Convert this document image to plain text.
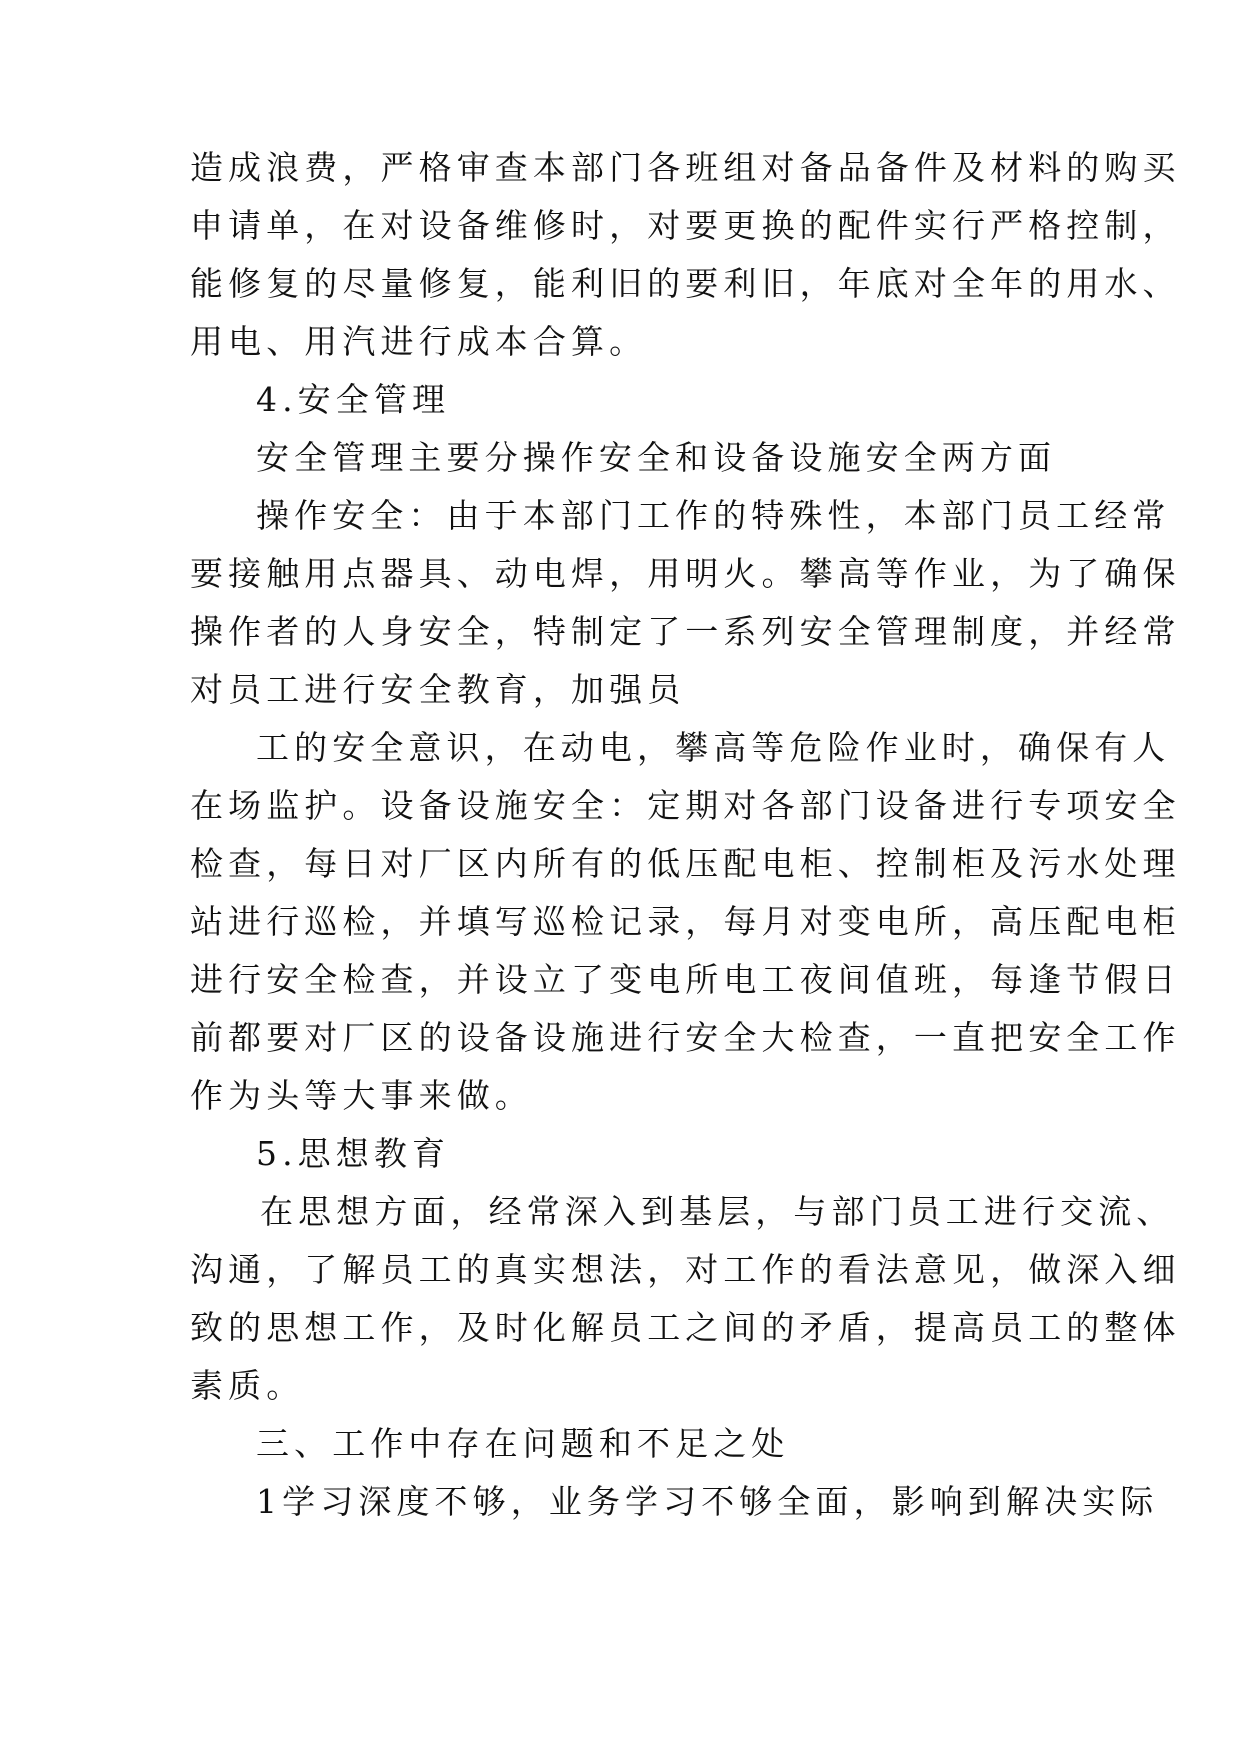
造成浪费，严格审查本部门各班组对备品备件及材料的购买

申请单，在对设备维修时，对要更换的配件实行严格控制，

能修复的尽量修复，能利旧的要利旧，年底对全年的用水、

用电、用汽进行成本合算。

4.安全管理

安全管理主要分操作安全和设备设施安全两方面

操作安全：由于本部门工作的特殊性，本部门员工经常

要接触用点器具、动电焊，用明火。攀高等作业，为了确保

操作者的人身安全，特制定了一系列安全管理制度，并经常

对员工进行安全教育，加强员

工的安全意识，在动电，攀高等危险作业时，确保有人

在场监护。设备设施安全：定期对各部门设备进行专项安全

检查，每日对厂区内所有的低压配电柜、控制柜及污水处理

站进行巡检，并填写巡检记录，每月对变电所，高压配电柜

进行安全检查，并设立了变电所电工夜间值班，每逢节假日

前都要对厂区的设备设施进行安全大检查，一直把安全工作

作为头等大事来做。

5.思想教育

在思想方面，经常深入到基层，与部门员工进行交流、

沟通，了解员工的真实想法，对工作的看法意见，做深入细

致的思想工作，及时化解员工之间的矛盾，提高员工的整体

素质。

三、工作中存在问题和不足之处

1学习深度不够，业务学习不够全面，影响到解决实际
